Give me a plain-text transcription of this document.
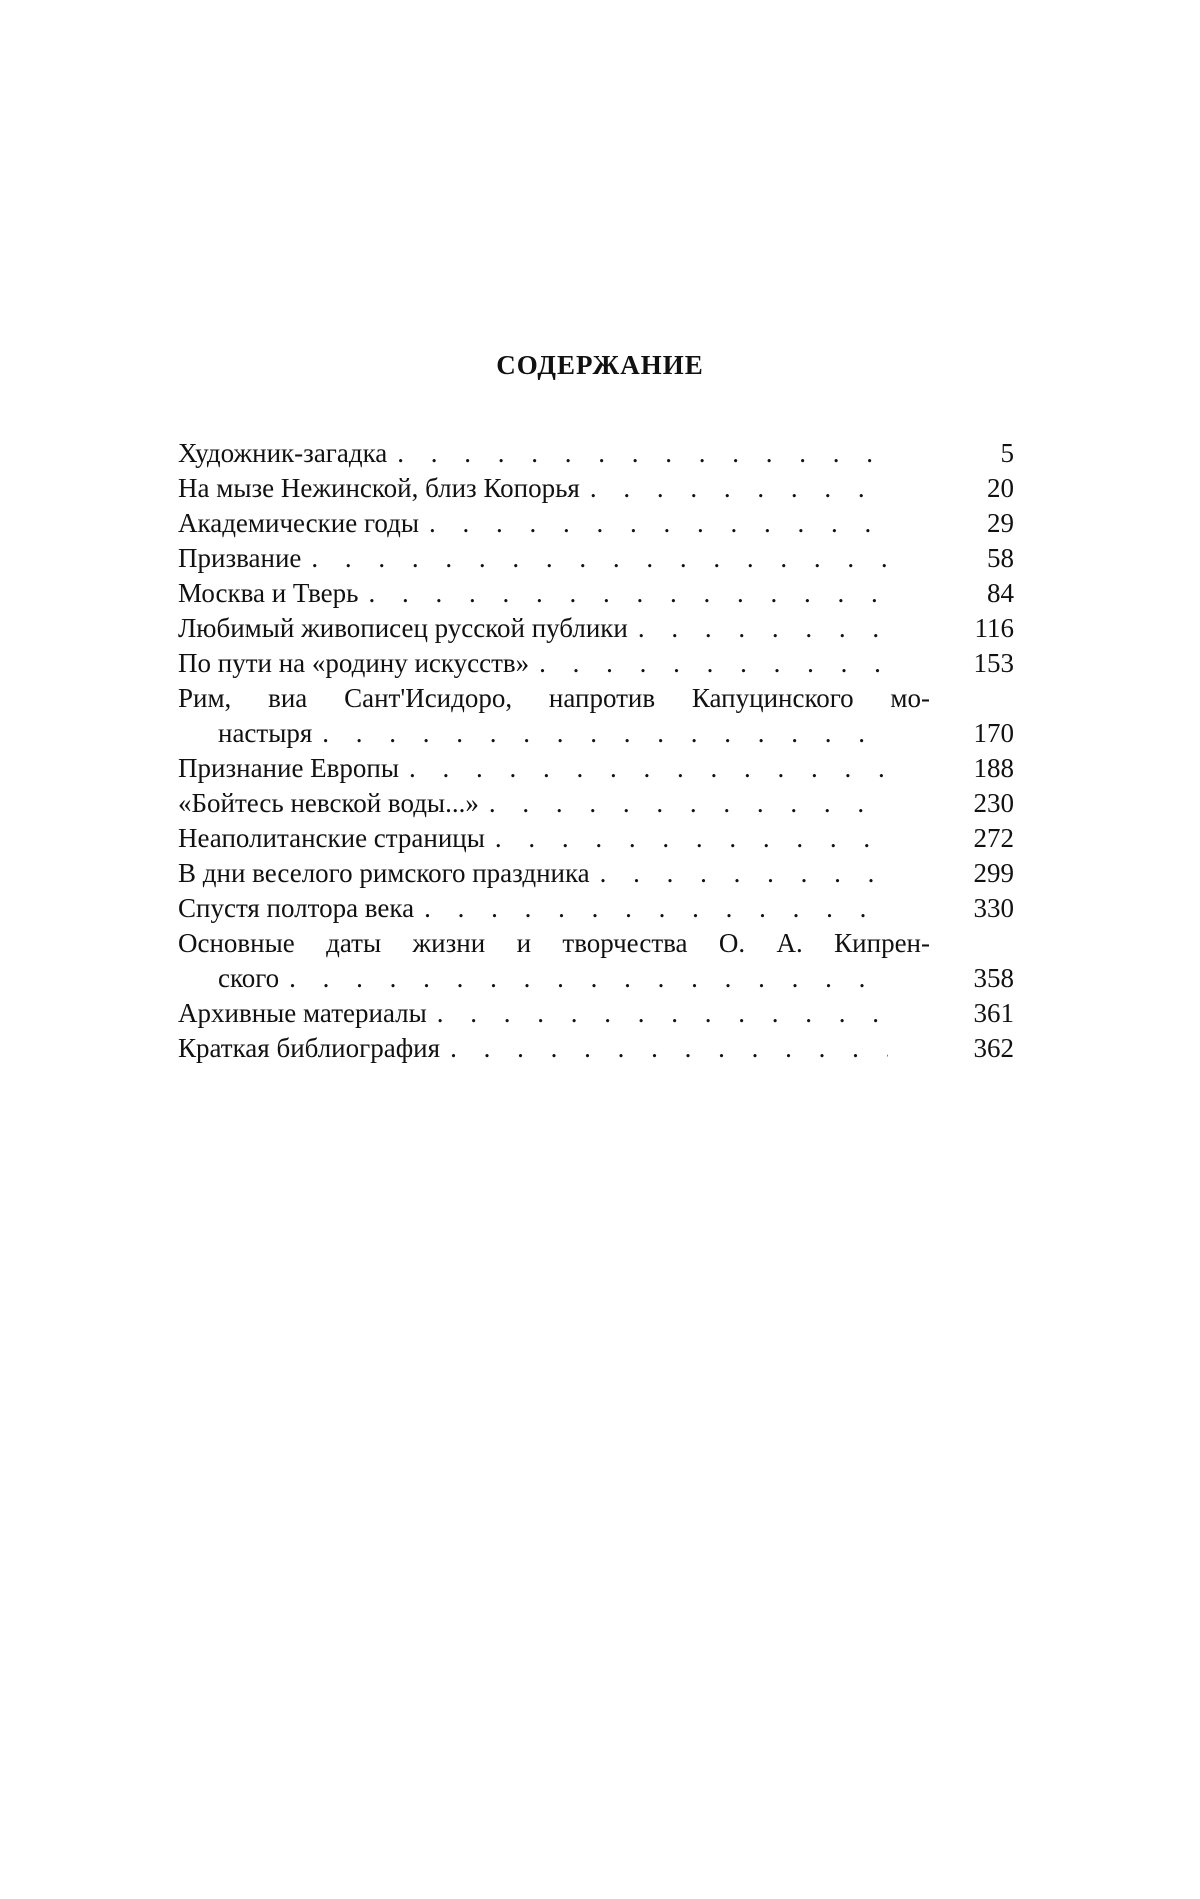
СОДЕРЖАНИЕ
Художник-загадка . . .	5
На мызе Нежинской, близ Копорья . . .	20
Академические годы . . .	29
Призвание . . .	58
Москва и Тверь . . .	84
Любимый живописец русской публики . . .	116
По пути на «родину искусств» . . .	153
Рим, виа Сант'Исидоро, напротив Капуцинского мо-
настыря . . .	170
Признание Европы . . .	188
«Бойтесь невской воды...» . . .	230
Неаполитанские страницы . . .	272
В дни веселого римского праздника . . .	299
Спустя полтора века . . .	330
Основные даты жизни и творчества О. А. Кипрен-
ского . . .	358
Архивные материалы . . .	361
Краткая библиография . . .	362
